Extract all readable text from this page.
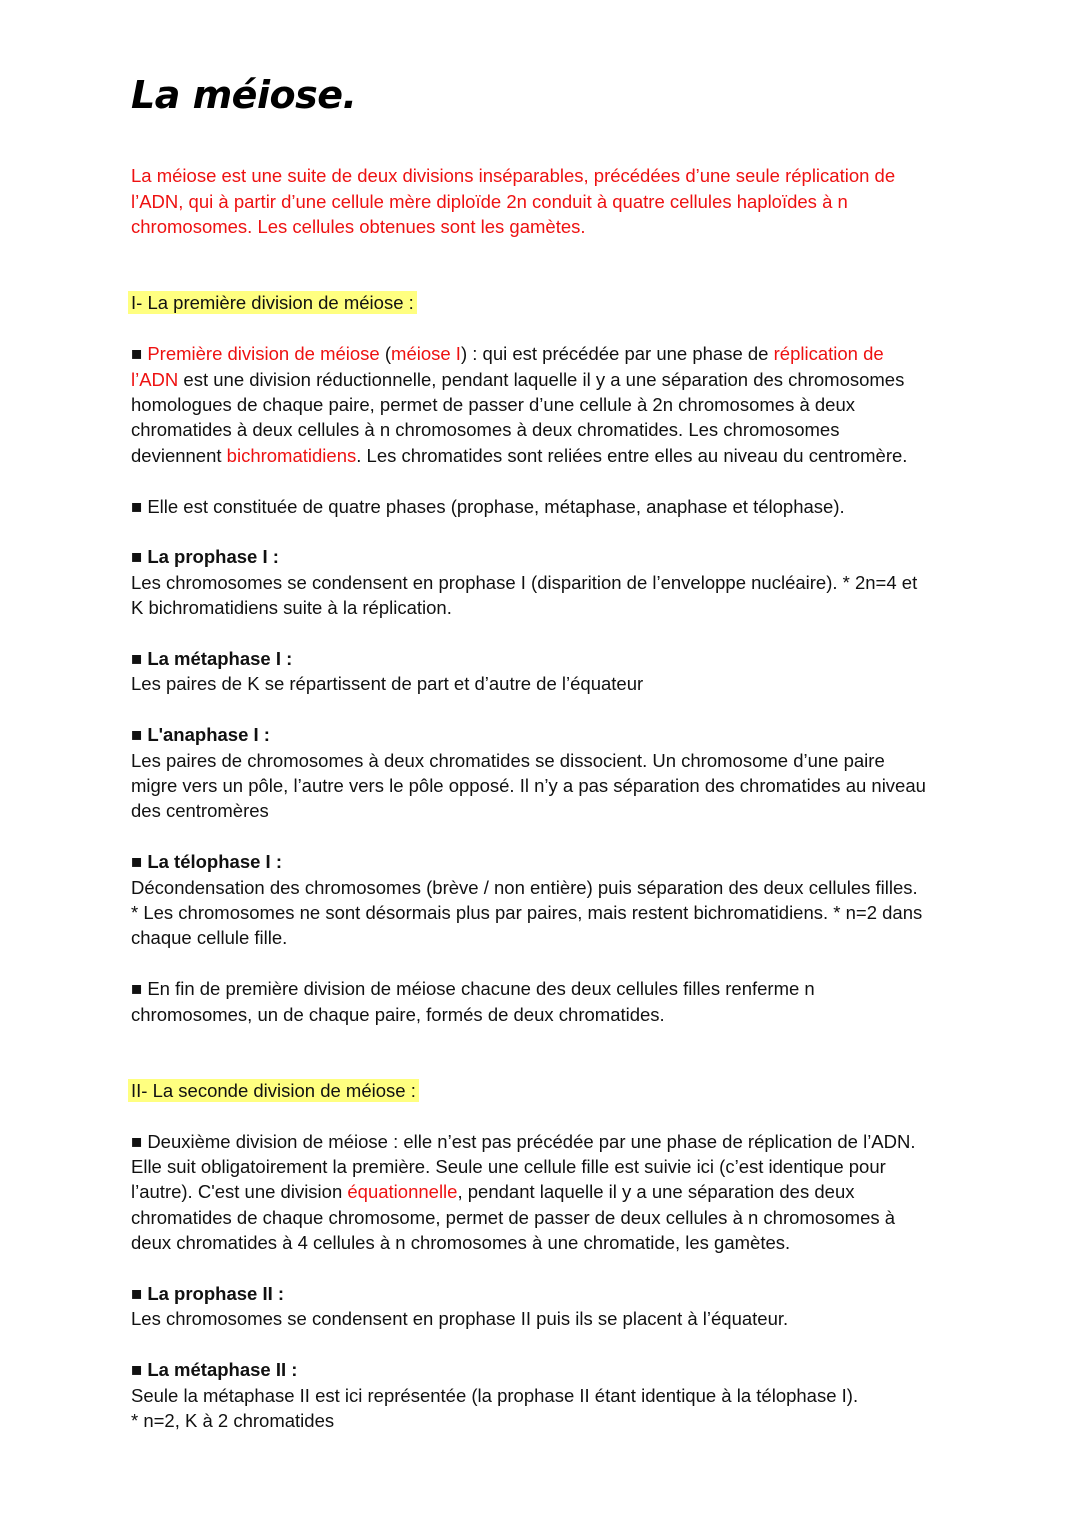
La méiose.
La méiose est une suite de deux divisions inséparables, précédées d’une seule réplication de
l’ADN, qui à partir d’une cellule mère diploïde 2n conduit à quatre cellules haploïdes à n
chromosomes. Les cellules obtenues sont les gamètes.
I- La première division de méiose :
■ Première division de méiose (méiose I) : qui est précédée par une phase de réplication de
l’ADN est une division réductionnelle, pendant laquelle il y a une séparation des chromosomes
homologues de chaque paire, permet de passer d’une cellule à 2n chromosomes à deux
chromatides à deux cellules à n chromosomes à deux chromatides. Les chromosomes
deviennent bichromatidiens. Les chromatides sont reliées entre elles au niveau du centromère.
■ Elle est constituée de quatre phases (prophase, métaphase, anaphase et télophase).
■ La prophase I :
Les chromosomes se condensent en prophase I (disparition de l’enveloppe nucléaire). * 2n=4 et
K bichromatidiens suite à la réplication.
■ La métaphase I :
Les paires de K se répartissent de part et d’autre de l’équateur
■ L'anaphase I :
Les paires de chromosomes à deux chromatides se dissocient. Un chromosome d’une paire
migre vers un pôle, l’autre vers le pôle opposé. Il n’y a pas séparation des chromatides au niveau
des centromères
■ La télophase I :
Décondensation des chromosomes (brève / non entière) puis séparation des deux cellules filles.
* Les chromosomes ne sont désormais plus par paires, mais restent bichromatidiens. * n=2 dans
chaque cellule fille.
■ En fin de première division de méiose chacune des deux cellules filles renferme n
chromosomes, un de chaque paire, formés de deux chromatides.
II- La seconde division de méiose :
■ Deuxième division de méiose : elle n’est pas précédée par une phase de réplication de l’ADN.
Elle suit obligatoirement la première. Seule une cellule fille est suivie ici (c’est identique pour
l’autre). C'est une division équationnelle, pendant laquelle il y a une séparation des deux
chromatides de chaque chromosome, permet de passer de deux cellules à n chromosomes à
deux chromatides à 4 cellules à n chromosomes à une chromatide, les gamètes.
■ La prophase II :
Les chromosomes se condensent en prophase II puis ils se placent à l’équateur.
■ La métaphase II :
Seule la métaphase II est ici représentée (la prophase II étant identique à la télophase I).
* n=2, K à 2 chromatides
